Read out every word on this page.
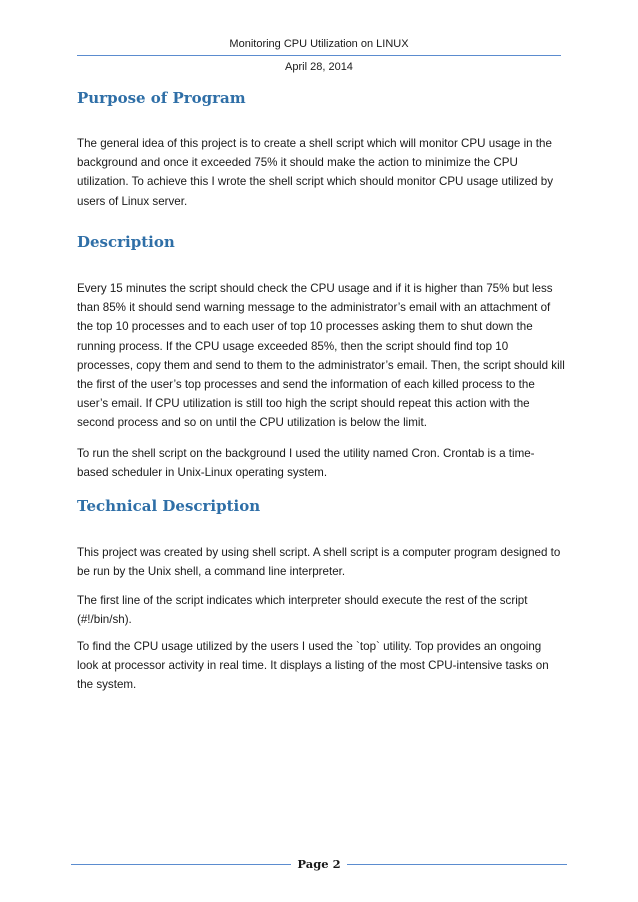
Monitoring CPU Utilization on LINUX
April 28, 2014
Purpose of Program

The general idea of this project is to create a shell script which will monitor CPU usage in the background and once it exceeded 75% it should make the action to minimize the CPU utilization. To achieve this I wrote the shell script which should monitor CPU usage utilized by users of Linux server.

Description

Every 15 minutes the script should check the CPU usage and if it is higher than 75% but less than 85% it should send warning message to the administrator’s email with an attachment of the top 10 processes and to each user of top 10 processes asking them to shut down the running process. If the CPU usage exceeded 85%, then the script should find top 10 processes, copy them and send to them to the administrator’s email. Then, the script should kill the first of the user’s top processes and send the information of each killed process to the user’s email. If CPU utilization is still too high the script should repeat this action with the second process and so on until the CPU utilization is below the limit.

To run the shell script on the background I used the utility named Cron. Crontab is a time-based scheduler in Unix-Linux operating system.

Technical Description

This project was created by using shell script. A shell script is a computer program designed to be run by the Unix shell, a command line interpreter.

The first line of the script indicates which interpreter should execute the rest of the script (#!/bin/sh).

To find the CPU usage utilized by the users I used the `top` utility. Top provides an ongoing look at processor activity in real time. It displays a listing of the most CPU-intensive tasks on the system.

Page 2
